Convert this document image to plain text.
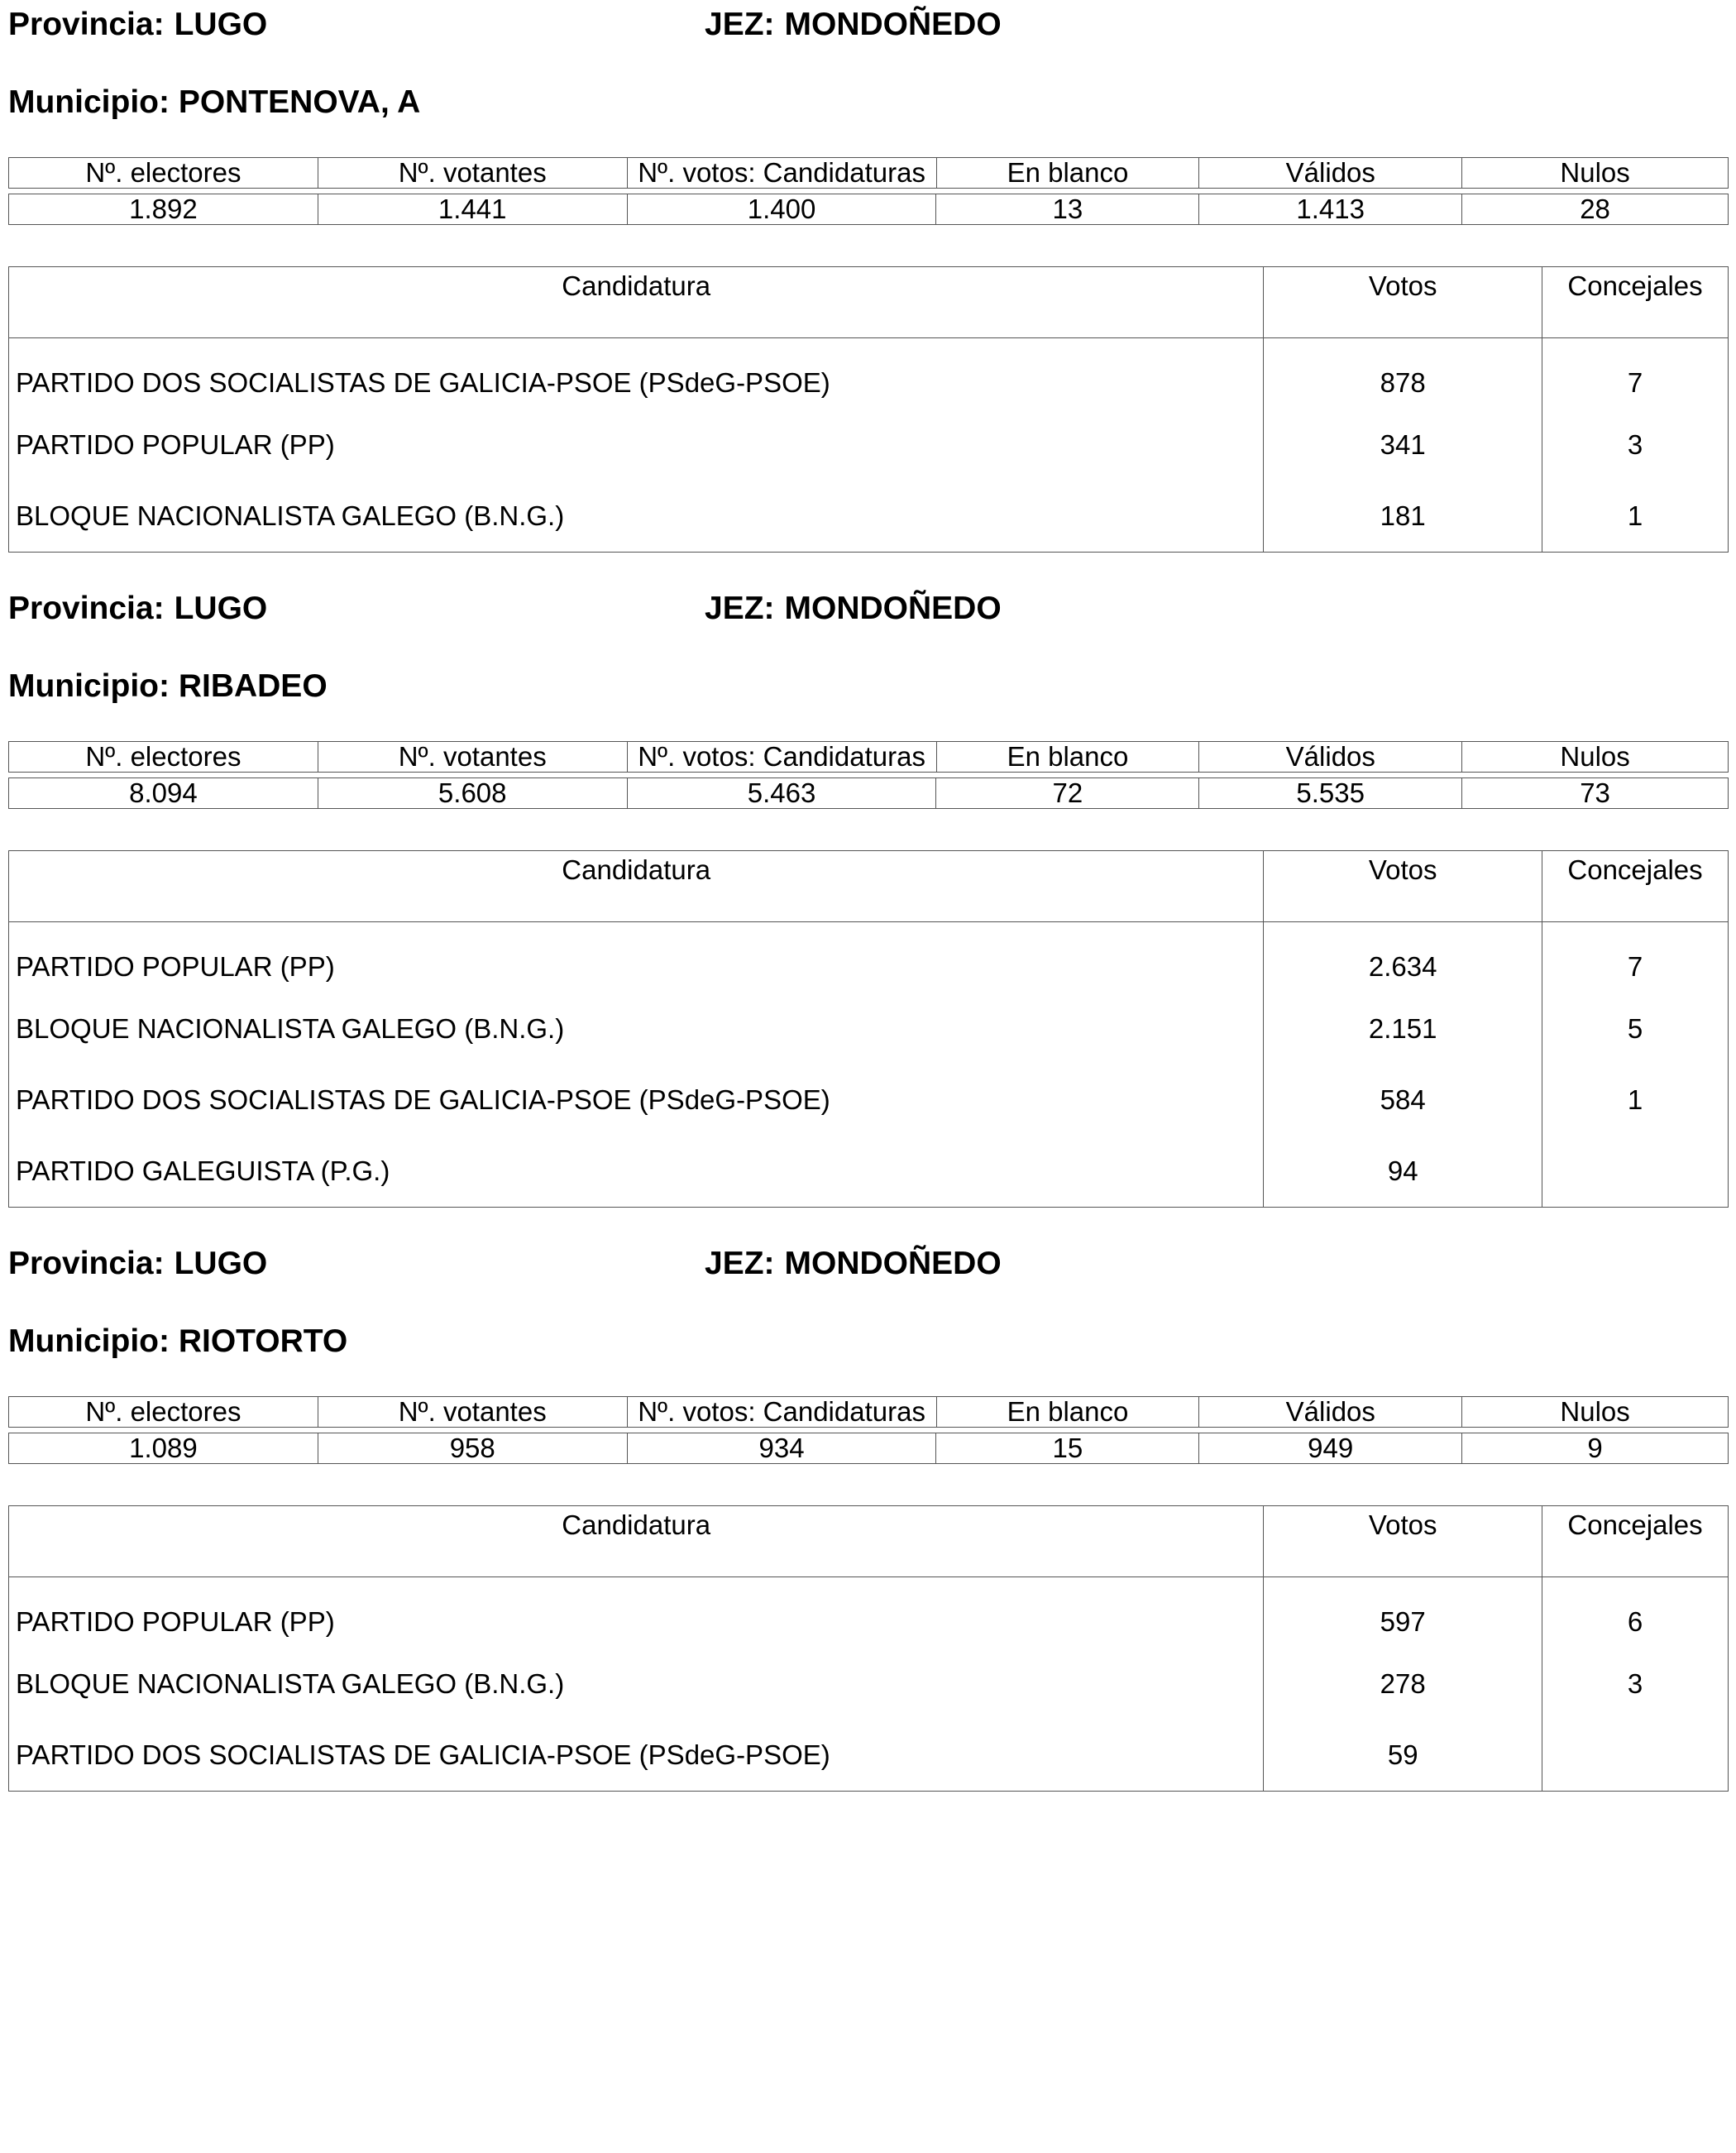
Provincia: LUGO	JEZ: MONDOÑEDO
Municipio: PONTENOVA, A
Nº. electores	Nº. votantes	Nº. votos: Candidaturas	En blanco	Válidos	Nulos
1.892	1.441	1.400	13	1.413	28
Candidatura	Votos	Concejales
PARTIDO DOS SOCIALISTAS DE GALICIA-PSOE (PSdeG-PSOE)	878	7
PARTIDO POPULAR (PP)	341	3
BLOQUE NACIONALISTA GALEGO (B.N.G.)	181	1
Provincia: LUGO	JEZ: MONDOÑEDO
Municipio: RIBADEO
Nº. electores	Nº. votantes	Nº. votos: Candidaturas	En blanco	Válidos	Nulos
8.094	5.608	5.463	72	5.535	73
Candidatura	Votos	Concejales
PARTIDO POPULAR (PP)	2.634	7
BLOQUE NACIONALISTA GALEGO (B.N.G.)	2.151	5
PARTIDO DOS SOCIALISTAS DE GALICIA-PSOE (PSdeG-PSOE)	584	1
PARTIDO GALEGUISTA (P.G.)	94	
Provincia: LUGO	JEZ: MONDOÑEDO
Municipio: RIOTORTO
Nº. electores	Nº. votantes	Nº. votos: Candidaturas	En blanco	Válidos	Nulos
1.089	958	934	15	949	9
Candidatura	Votos	Concejales
PARTIDO POPULAR (PP)	597	6
BLOQUE NACIONALISTA GALEGO (B.N.G.)	278	3
PARTIDO DOS SOCIALISTAS DE GALICIA-PSOE (PSdeG-PSOE)	59	
